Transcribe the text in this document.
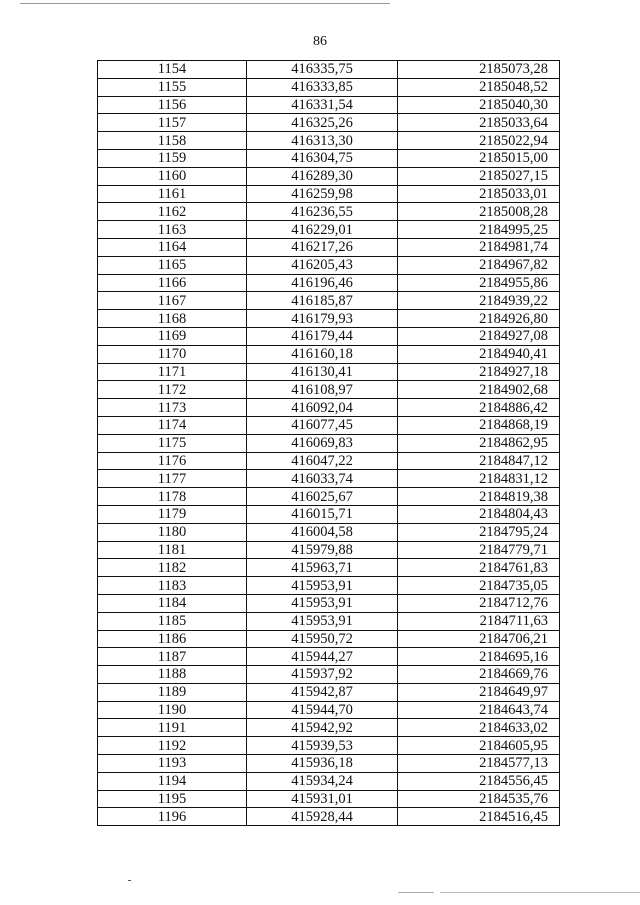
86
1154	416335,75	2185073,28
1155	416333,85	2185048,52
1156	416331,54	2185040,30
1157	416325,26	2185033,64
1158	416313,30	2185022,94
1159	416304,75	2185015,00
1160	416289,30	2185027,15
1161	416259,98	2185033,01
1162	416236,55	2185008,28
1163	416229,01	2184995,25
1164	416217,26	2184981,74
1165	416205,43	2184967,82
1166	416196,46	2184955,86
1167	416185,87	2184939,22
1168	416179,93	2184926,80
1169	416179,44	2184927,08
1170	416160,18	2184940,41
1171	416130,41	2184927,18
1172	416108,97	2184902,68
1173	416092,04	2184886,42
1174	416077,45	2184868,19
1175	416069,83	2184862,95
1176	416047,22	2184847,12
1177	416033,74	2184831,12
1178	416025,67	2184819,38
1179	416015,71	2184804,43
1180	416004,58	2184795,24
1181	415979,88	2184779,71
1182	415963,71	2184761,83
1183	415953,91	2184735,05
1184	415953,91	2184712,76
1185	415953,91	2184711,63
1186	415950,72	2184706,21
1187	415944,27	2184695,16
1188	415937,92	2184669,76
1189	415942,87	2184649,97
1190	415944,70	2184643,74
1191	415942,92	2184633,02
1192	415939,53	2184605,95
1193	415936,18	2184577,13
1194	415934,24	2184556,45
1195	415931,01	2184535,76
1196	415928,44	2184516,45
